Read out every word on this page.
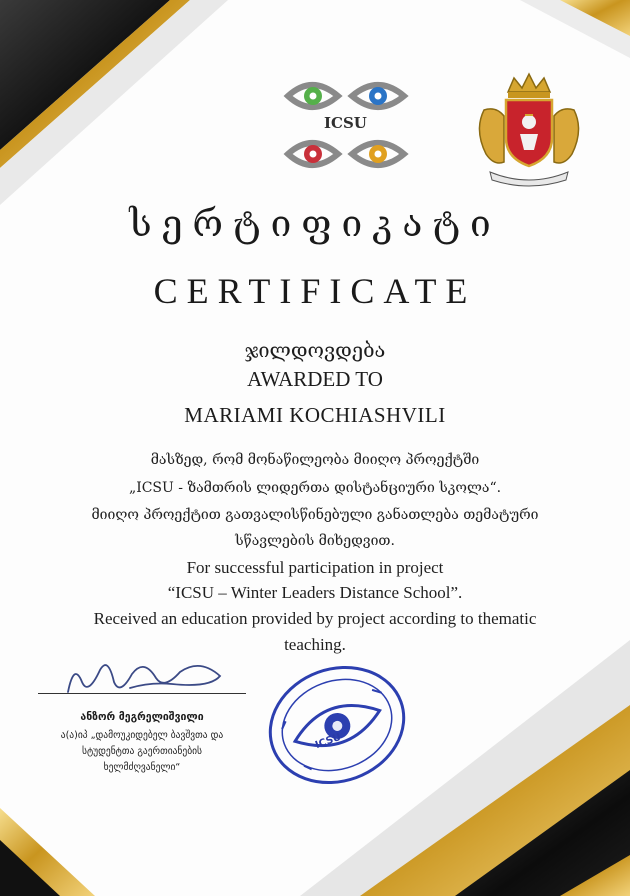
ICSU
სერტიფიკატი
CERTIFICATE
ჯილდოვდება
AWARDED TO
MARIAMI KOCHIASHVILI
მასზედ, რომ მონაწილეობა მიიღო პროექტში
„ICSU - ზამთრის ლიდერთა დისტანციური სკოლა“.
მიიღო პროექტით გათვალისწინებული განათლება თემატური
სწავლების მიხედვით.
For successful participation in project
“ICSU – Winter Leaders Distance School”.
Received an education provided by project according to thematic
teaching.
ანზორ მეგრელიშვილი
ა(ა)იპ „დამოუკიდებელ ბავშვთა და
სტუდენტთა გაერთიანების
ხელმძღვანელი“
ICSU
